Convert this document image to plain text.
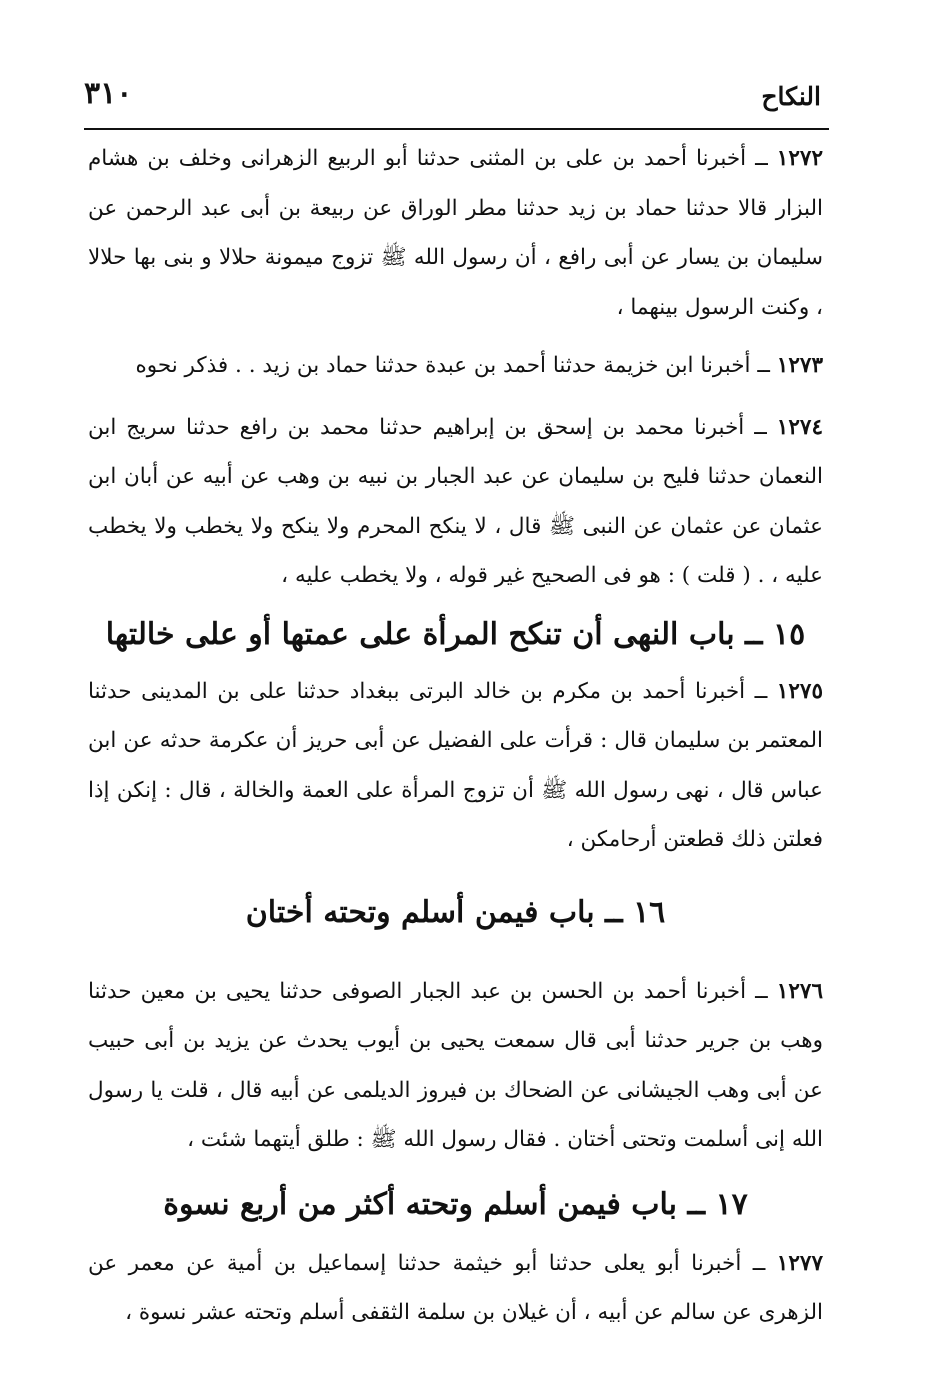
النكاح
٣١٠

١٢٧٢ ــ أخبرنا أحمد بن على بن المثنى حدثنا أبو الربيع الزهرانى وخلف بن هشام البزار قالا حدثنا حماد بن زيد حدثنا مطر الوراق عن ربيعة بن أبى عبد الرحمن عن سليمان بن يسار عن أبى رافع ، أن رسول الله ﷺ تزوج ميمونة حلالا و بنى بها حلالا ، وكنت الرسول بينهما ،

١٢٧٣ ــ أخبرنا ابن خزيمة حدثنا أحمد بن عبدة حدثنا حماد بن زيد . . فذكر نحوه

١٢٧٤ ــ أخبرنا محمد بن إسحق بن إبراهيم حدثنا محمد بن رافع حدثنا سريج ابن النعمان حدثنا فليح بن سليمان عن عبد الجبار بن نبيه بن وهب عن أبيه عن أبان ابن عثمان عن عثمان عن النبى ﷺ قال ، لا ينكح المحرم ولا ينكح ولا يخطب ولا يخطب عليه ، . ( قلت ) : هو فى الصحيح غير قوله ، ولا يخطب عليه ،

١٥ ــ باب النهى أن تنكح المرأة على عمتها أو على خالتها

١٢٧٥ ــ أخبرنا أحمد بن مكرم بن خالد البرتى ببغداد حدثنا على بن المدينى حدثنا المعتمر بن سليمان قال : قرأت على الفضيل عن أبى حريز أن عكرمة حدثه عن ابن عباس قال ، نهى رسول الله ﷺ أن تزوج المرأة على العمة والخالة ، قال : إنكن إذا فعلتن ذلك قطعتن أرحامكن ،

١٦ ــ باب فيمن أسلم وتحته أختان

١٢٧٦ ــ أخبرنا أحمد بن الحسن بن عبد الجبار الصوفى حدثنا يحيى بن معين حدثنا وهب بن جرير حدثنا أبى قال سمعت يحيى بن أيوب يحدث عن يزيد بن أبى حبيب عن أبى وهب الجيشانى عن الضحاك بن فيروز الديلمى عن أبيه قال ، قلت يا رسول الله إنى أسلمت وتحتى أختان . فقال رسول الله ﷺ : طلق أيتهما شئت ،

١٧ ــ باب فيمن أسلم وتحته أكثر من أربع نسوة

١٢٧٧ ــ أخبرنا أبو يعلى حدثنا أبو خيثمة حدثنا إسماعيل بن أمية عن معمر عن الزهرى عن سالم عن أبيه ، أن غيلان بن سلمة الثقفى أسلم وتحته عشر نسوة ،
